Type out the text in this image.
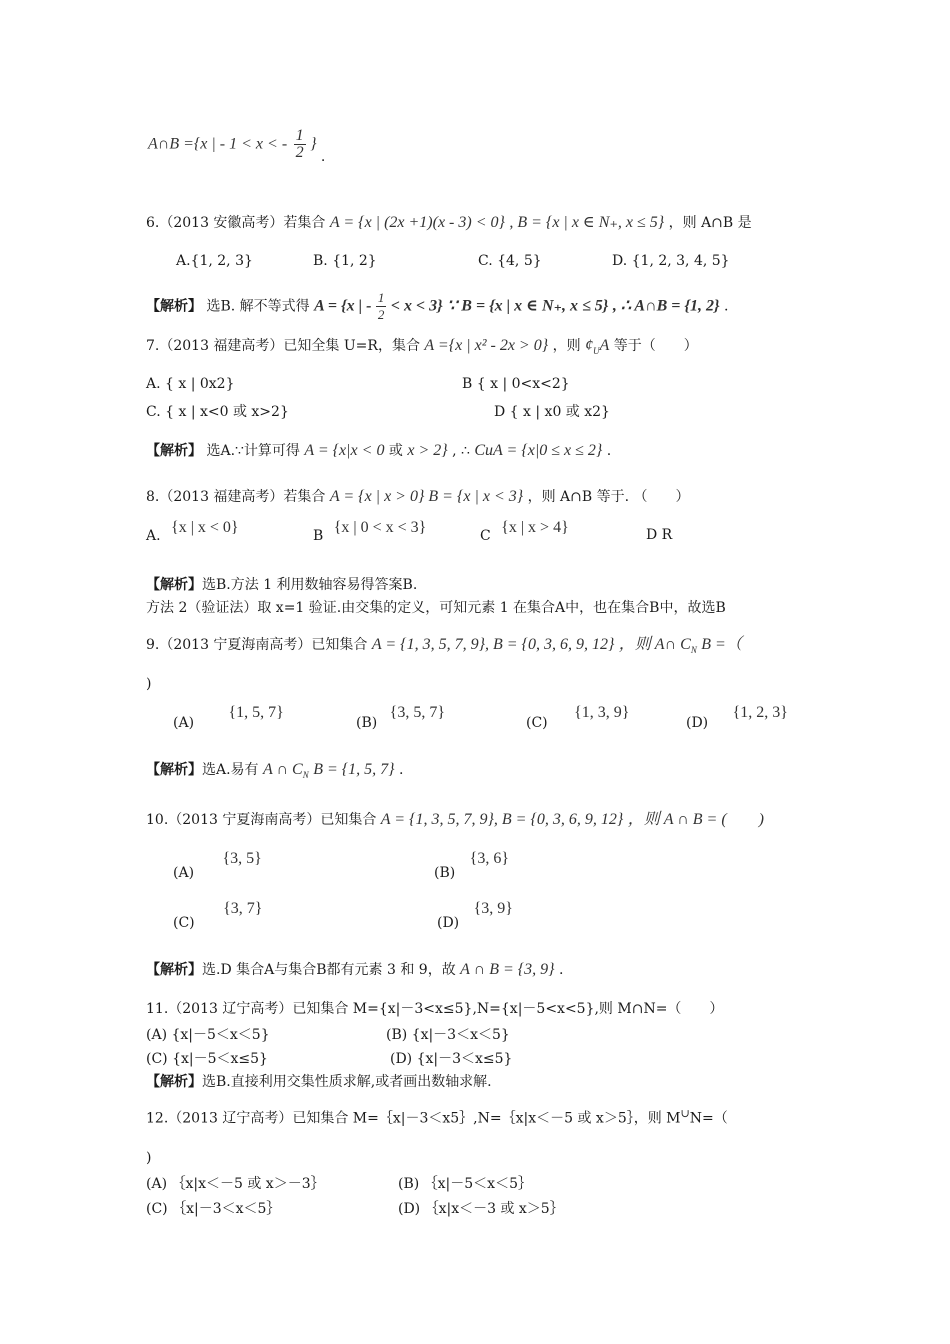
A∩B ={x | - 1 < x < - $\frac{1}{2}$ } .
6.（2013 安徽高考）若集合 A = {x | (2x +1)(x - 3) < 0} , B = {x | x ∈ N₊, x ≤ 5} ，则 A∩B 是
A.{1, 2, 3}	B. {1, 2}	C. {4, 5}	D. {1, 2, 3, 4, 5}
【解析】 选B. 解不等式得 A = {x | - $\frac{1}{2} < x < 3$} ∵ B = {x | x ∈ N₊, x ≤ 5} , ∴ A∩B = {1, 2} .
7.（2013 福建高考）已知全集 U=R，集合 A ={x | x² - 2x > 0} ，则 $ȼ_UA$ 等于（　　）
A. { x | 0x2}	B { x | 0<x<2}
C. { x | x<0 或 x>2}	D { x | x0 或 x2}
【解析】 选A.∵计算可得 A = {x|x < 0 或 x > 2} , ∴ CuA = {x|0 ≤ x ≤ 2} .
8.（2013 福建高考）若集合 A = {x | x > 0} B = {x | x < 3} ，则 A∩B 等于. （　　）
A. {x | x < 0}	B {x | 0 < x < 3}	C {x | x > 4}	D R
【解析】选B.方法 1 利用数轴容易得答案B.
方法 2（验证法）取 x=1 验证.由交集的定义，可知元素 1 在集合A中，也在集合B中，故选B
9.（2013 宁夏海南高考）已知集合 A = {1, 3, 5, 7, 9}, B = {0, 3, 6, 9, 12} ，则 A∩ $C_N$ B =（
)
(A) {1, 5, 7}
(B) {3, 5, 7}
(C) {1, 3, 9}
(D) {1, 2, 3}
【解析】选A.易有 A ∩ $C_N$ B = {1, 5, 7} .
10.（2013 宁夏海南高考）已知集合 A = {1, 3, 5, 7, 9}, B = {0, 3, 6, 9, 12} ，则 A ∩ B = (　　)
(A) {3, 5}
(B) {3, 6}
(C) {3, 7}
(D) {3, 9}
【解析】选.D 集合A与集合B都有元素 3 和 9，故 A ∩ B = {3, 9} .
11.（2013 辽宁高考）已知集合 M={x|－3<x≤5},N={x|－5<x<5},则 M∩N=（　　）
(A) {x|－5＜x＜5}	(B) {x|－3＜x＜5}
(C) {x|－5＜x≤5}	(D) {x|－3＜x≤5}
【解析】选B.直接利用交集性质求解,或者画出数轴求解.
12.（2013 辽宁高考）已知集合 M=｛x|－3＜x5｝,N=｛x|x＜－5 或 x＞5｝，则 M∪N=（
)
(A) ｛x|x＜－5 或 x＞－3｝	(B) ｛x|－5＜x＜5｝
(C) ｛x|－3＜x＜5｝	(D) ｛x|x＜－3 或 x＞5｝
